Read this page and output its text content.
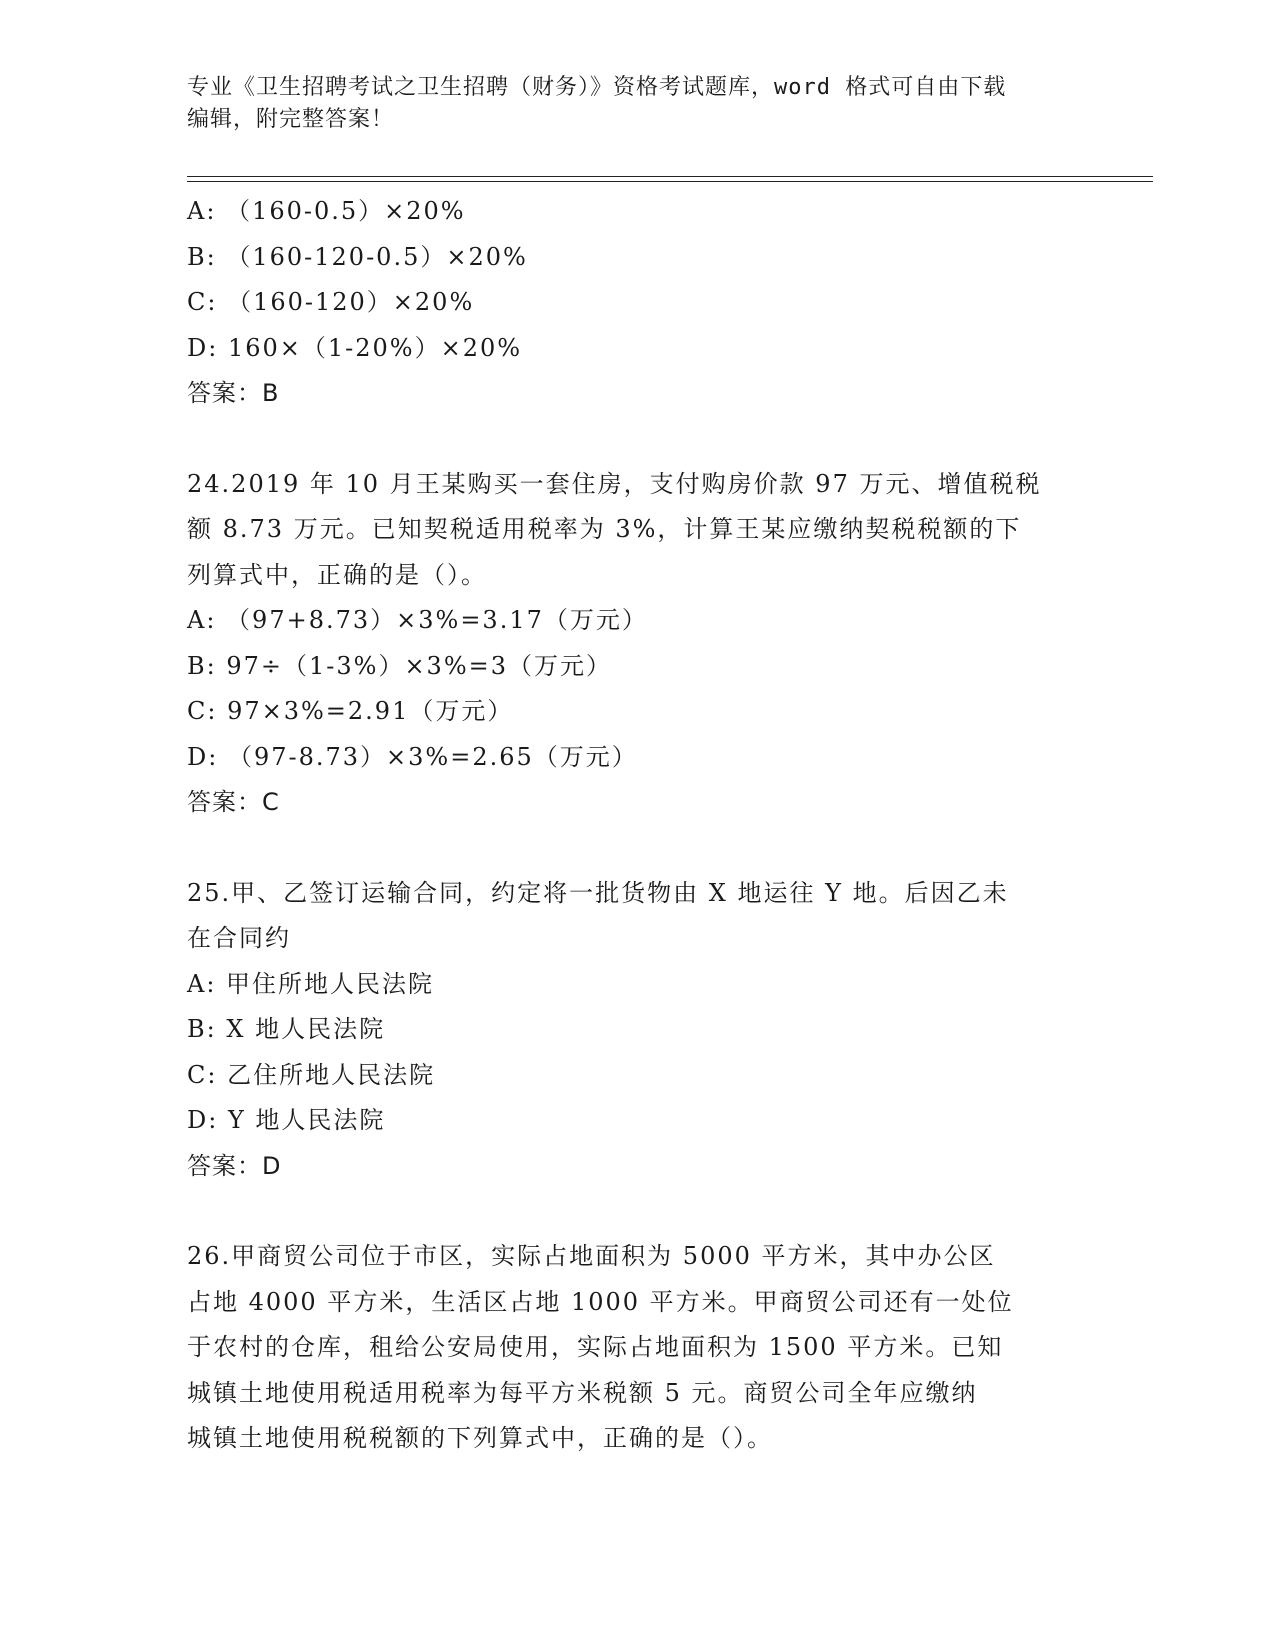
专业《卫生招聘考试之卫生招聘（财务）》资格考试题库，word 格式可自由下载

编辑，附完整答案！

A: （160-0.5）×20%

B: （160-120-0.5）×20%

C: （160-120）×20%

D: 160×（1-20%）×20%

答案：B

24.2019 年 10 月王某购买一套住房，支付购房价款 97 万元、增值税税

额 8.73 万元。已知契税适用税率为 3%，计算王某应缴纳契税税额的下

列算式中，正确的是（）。

A: （97+8.73）×3%=3.17（万元）

B: 97÷（1-3%）×3%=3（万元）

C: 97×3%=2.91（万元）

D: （97-8.73）×3%=2.65（万元）

答案：C

25.甲、乙签订运输合同，约定将一批货物由 X 地运往 Y 地。后因乙未

在合同约

A: 甲住所地人民法院

B: X 地人民法院

C: 乙住所地人民法院

D: Y 地人民法院

答案：D

26.甲商贸公司位于市区，实际占地面积为 5000 平方米，其中办公区

占地 4000 平方米，生活区占地 1000 平方米。甲商贸公司还有一处位

于农村的仓库，租给公安局使用，实际占地面积为 1500 平方米。已知

城镇土地使用税适用税率为每平方米税额 5 元。商贸公司全年应缴纳

城镇土地使用税税额的下列算式中，正确的是（）。
